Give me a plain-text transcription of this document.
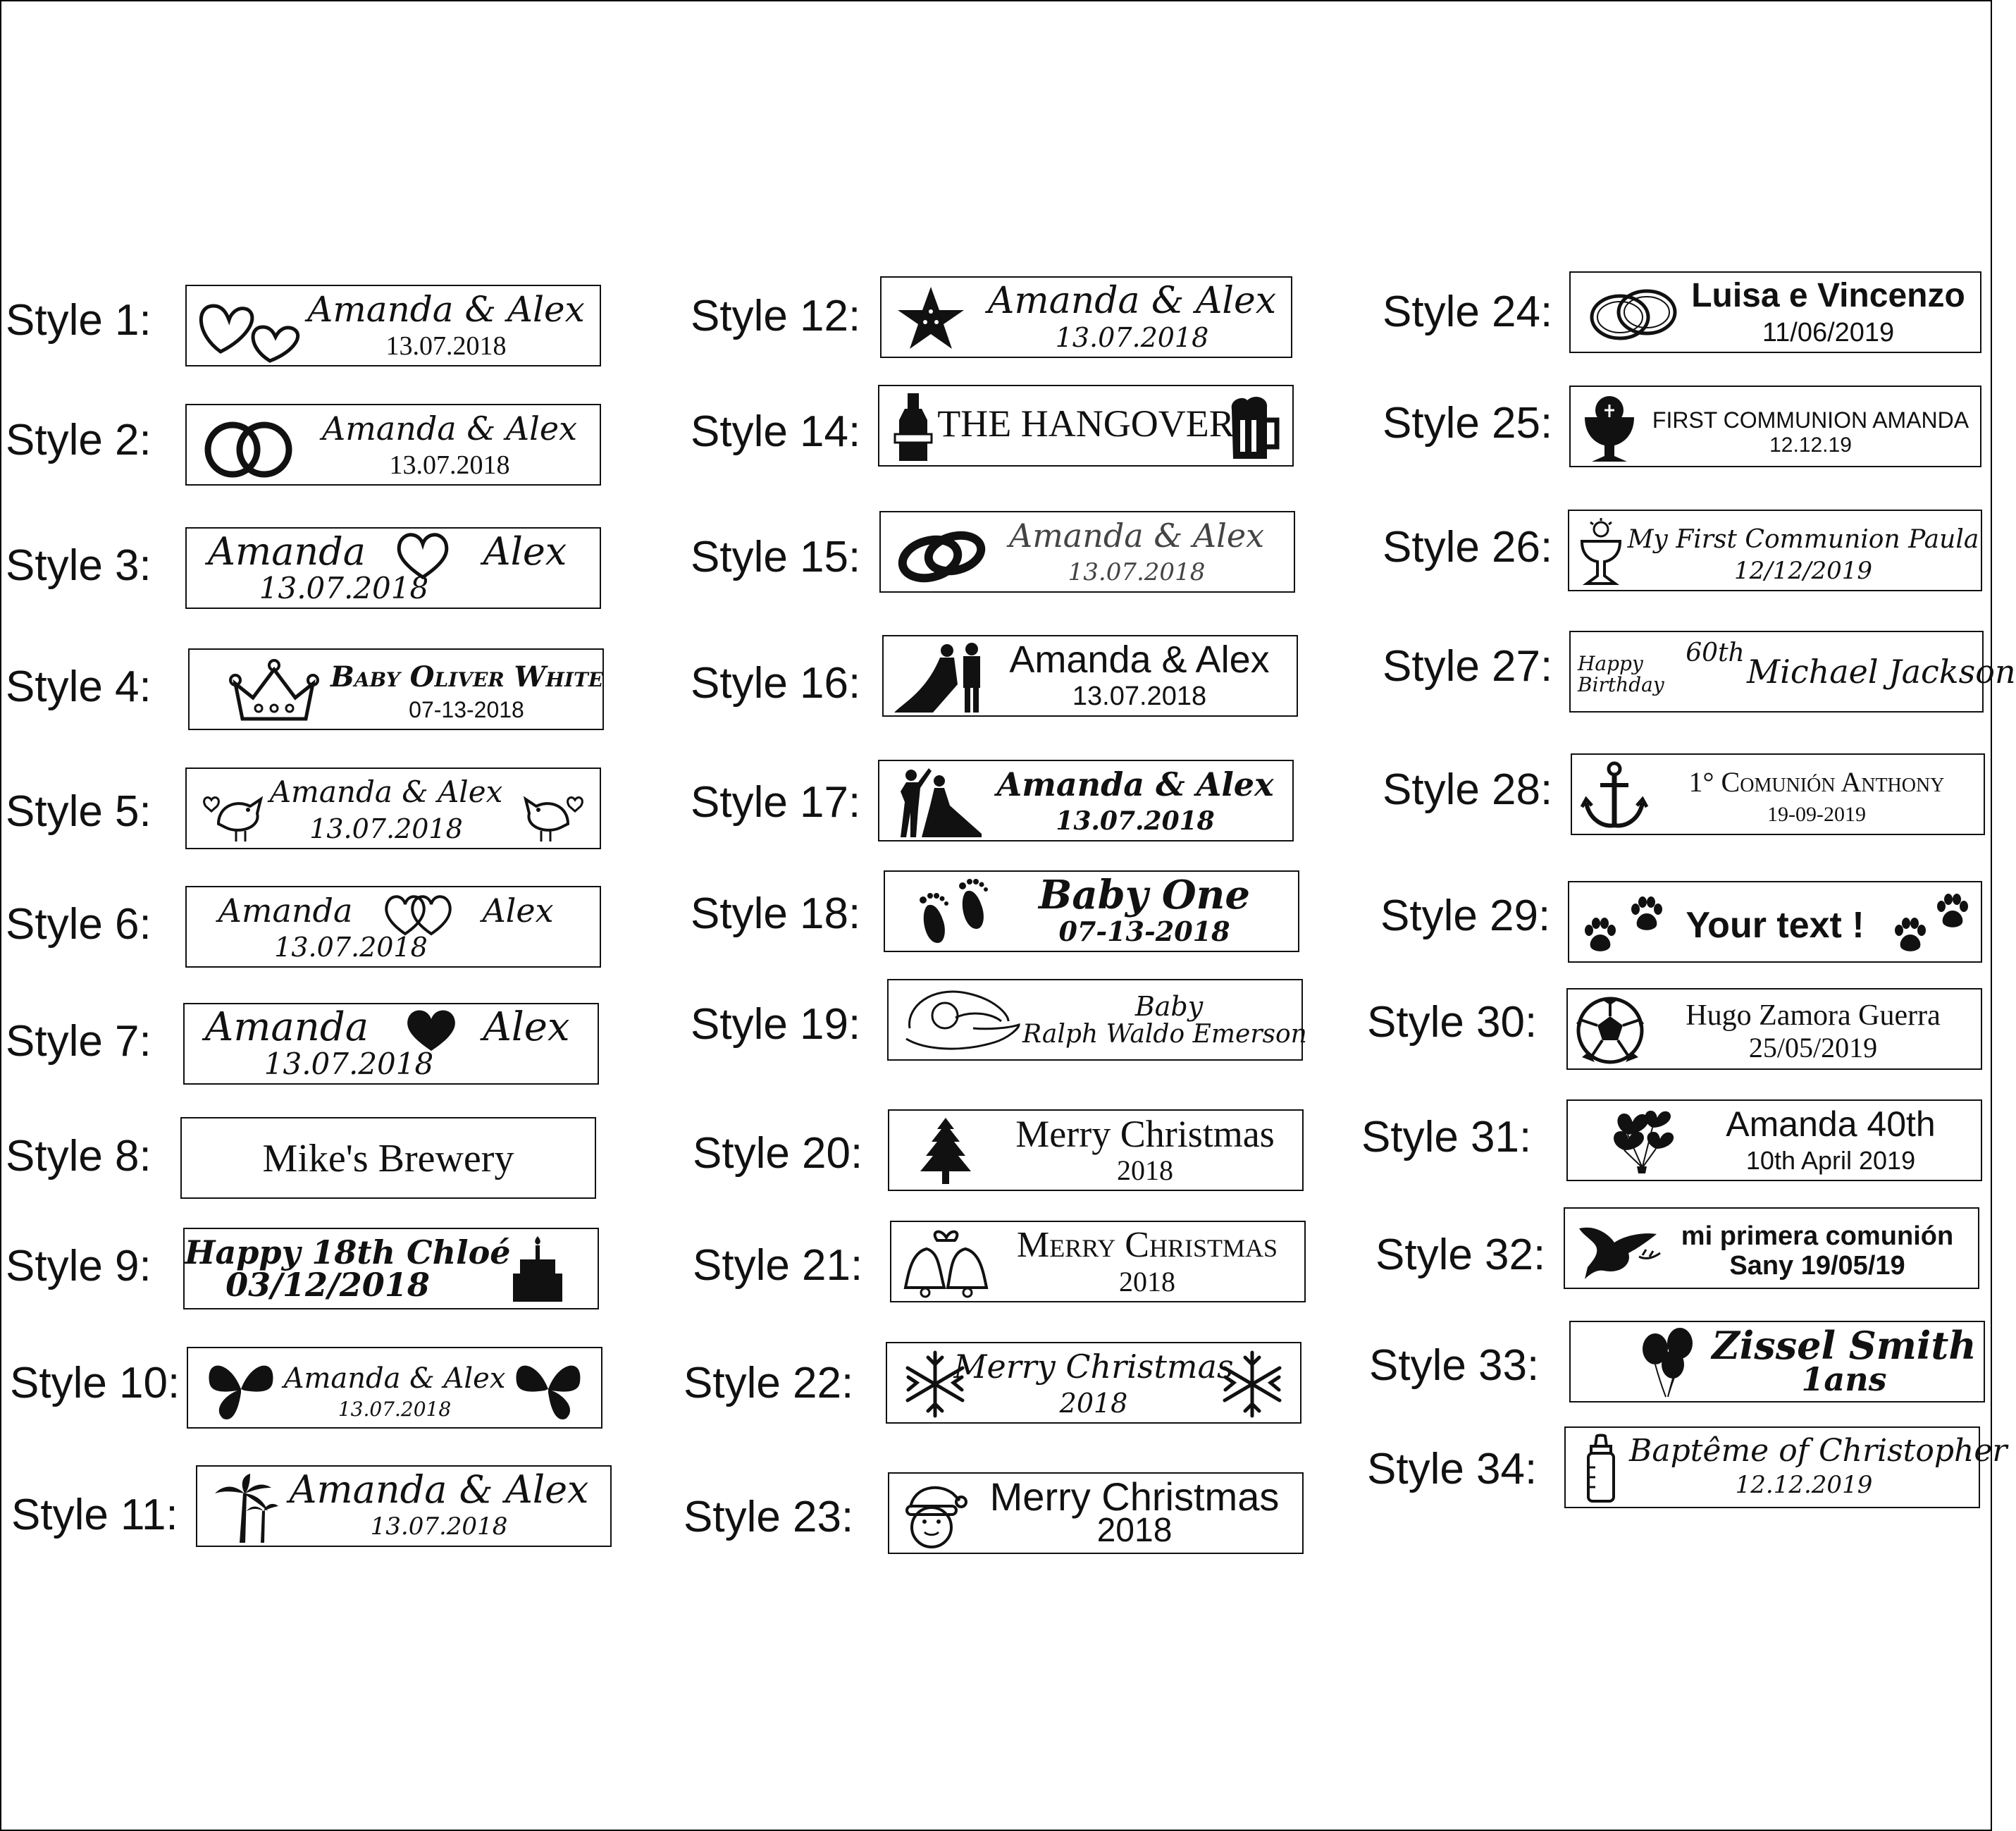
Style 1:	Amanda & Alex
13.07.2018
Style 2:	Amanda & Alex
13.07.2018
Style 3: Amanda	Alex
13.07.2018
Style 4:	Baby Oliver White
07-13-2018
Style 5:	Amanda & Alex
13.07.2018
Style 6: Amanda	Alex
13.07.2018
Style 7: Amanda	Alex
13.07.2018
Style 8:	Mike's Brewery
Style 9: Happy 18th Chloé
03/12/2018
Style 10:	Amanda & Alex
13.07.2018
Style 11:
Amanda & Alex
13.07.2018
Style 12:	Amanda & Alex
13.07.2018
Style 14:	THE HANGOVER
Style 15:	Amanda & Alex
13.07.2018
Style 16:	Amanda & Alex
13.07.2018
Style 17:	Amanda & Alex
13.07.2018
Style 18:	Baby One
07-13-2018
Style 19:	Baby
Ralph Waldo Emerson
Style 20:	Merry Christmas
2018
Style 21:	Merry Christmas
2018
Style 22:	Merry Christmas
2018
Style 23:	Merry Christmas
2018
Style 24:	Luisa e Vincenzo
11/06/2019
Style 25:	FIRST COMMUNION AMANDA
12.12.19
Style 26:	My First Communion Paula
12/12/2019
Style 27: Happy Birthday
60th Michael Jackson
Style 28:	1° Comunión Anthony
19-09-2019
Style 29:	Your text !
Style 30:	Hugo Zamora Guerra
25/05/2019
Style 31:	Amanda 40th
10th April 2019
Style 32:	mi primera comunión
Sany 19/05/19
Style 33:	Zissel Smith
1ans
Style 34:	Baptême of Christopher
12.12.2019
